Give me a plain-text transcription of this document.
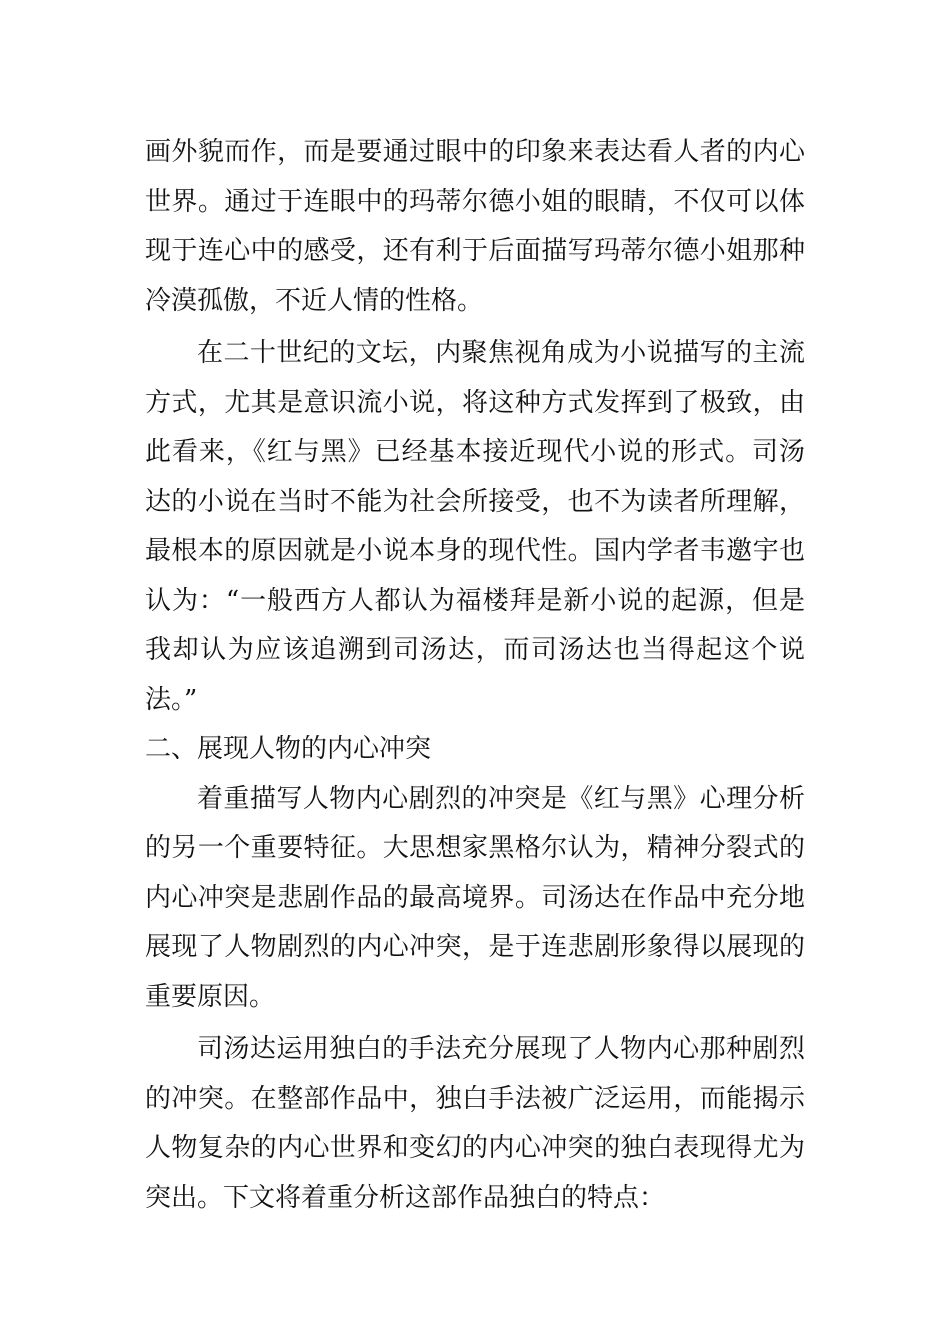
画外貌而作，而是要通过眼中的印象来表达看人者的内心世界。通过于连眼中的玛蒂尔德小姐的眼睛，不仅可以体现于连心中的感受，还有利于后面描写玛蒂尔德小姐那种冷漠孤傲，不近人情的性格。

在二十世纪的文坛，内聚焦视角成为小说描写的主流方式，尤其是意识流小说，将这种方式发挥到了极致，由此看来，《红与黑》已经基本接近现代小说的形式。司汤达的小说在当时不能为社会所接受，也不为读者所理解，最根本的原因就是小说本身的现代性。国内学者韦邀宇也认为：“一般西方人都认为福楼拜是新小说的起源，但是我却认为应该追溯到司汤达，而司汤达也当得起这个说法。”

二、展现人物的内心冲突

着重描写人物内心剧烈的冲突是《红与黑》心理分析的另一个重要特征。大思想家黑格尔认为，精神分裂式的内心冲突是悲剧作品的最高境界。司汤达在作品中充分地展现了人物剧烈的内心冲突，是于连悲剧形象得以展现的重要原因。

司汤达运用独白的手法充分展现了人物内心那种剧烈的冲突。在整部作品中，独白手法被广泛运用，而能揭示人物复杂的内心世界和变幻的内心冲突的独白表现得尤为突出。下文将着重分析这部作品独白的特点：
